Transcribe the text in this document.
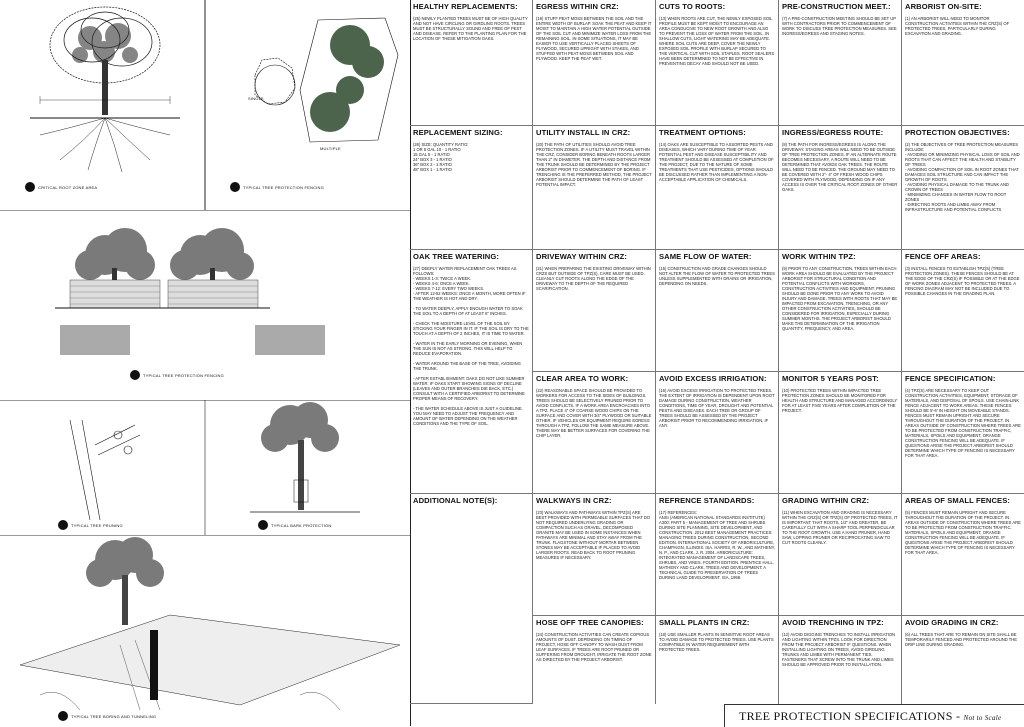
SINGLE
MULTIPLE
CRITICAL ROOT ZONE AREA	TYPICAL TREE PROTECTION FENCING
TYPICAL TREE PROTECTION FENCING
TYPICAL TREE PRUNING	TYPICAL BARK PROTECTION
TYPICAL TREE BORING AND TUNNELING
HEALTHY REPLACEMENTS:

(25) NEWLY PLANTED TREES MUST BE OF HIGH QUALITY AND NOT HAVE CIRCLING OR GIRDLING ROOTS. TREES MUST BE STRUCTURALLY SOUND AND FREE OF PEST AND DISEASE. REFER TO THE PLANTING PLAN FOR THE LOCATION OF THESE MITIGATION OAKS.

EGRESS WITHIN CRZ:

(19) STUFF PEAT MOSS BETWEEN THE SOIL AND THE ENTIRE WIDTH OF BURLAP. SOAK THE PEAT AND KEEP IT MOIST TO MAINTAIN A HIGH WATER POTENTIAL OUTSIDE OF THE SOIL CUT AND MINIMIZE WATER LOSS FROM THE REMAINING SOIL. IN SOME SITUATIONS, IT MAY BE EASIER TO USE VERTICALLY PLACED SHEETS OF PLYWOOD, SECURED UPRIGHT WITH STAKES, AND STUFFED WITH PEAT MOSS BETWEEN SOIL AND PLYWOOD. KEEP THE PEAT WET.

CUTS TO ROOTS:

(13) WHEN ROOTS ARE CUT, THE NEWLY EXPOSED SOIL PROFILE MUST BE KEPT MOIST TO ENCOURAGE AN AREA CONDUCIVE TO NEW ROOT GROWTH AND ALSO TO PREVENT THE LOSS OF WATER FROM THE SOIL. IN SHALLOW CUTS, LIGHT WATERING MAY BE ADEQUATE. WHERE SOIL CUTS ARE DEEP, COVER THE NEWLY EXPOSED SOIL PROFILE WITH BURLAP SECURED TO THE VERTICAL CUT WITH SOIL STAPLES. ROOT SEALERS HAVE BEEN DETERMINED TO NOT BE EFFECTIVE IN PREVENTING DECAY AND SHOULD NOT BE USED.

PRE-CONSTRUCTION MEET.:

(7) A PRE-CONSTRUCTION MEETING SHOULD BE SET UP WITH CONTRACTORS PRIOR TO COMMENCEMENT OF WORK TO DISCUSS TREE PROTECTION MEASURES. SEE INGRESS/EGRESS AND STAGING NOTES.

ARBORIST ON-SITE:

(1) AN ARBORIST WILL NEED TO MONITOR CONSTRUCTION ACTIVITIES WITHIN THE CRZ(S) OF PROTECTED TREES, PARTICULARLY DURING EXCAVATION AND GRADING.

REPLACEMENT SIZING:

(26) SIZE: QUANTITY RATIO:
1 OR 5 GAL 10 - 1 RATIO
15 GAL 5 - 1 RATIO
24" BOX 3 - 1 RATIO
36" BOX 2 - 1 RATIO
48" BOX 1 - 1 RATIO

UTILITY INSTALL IN CRZ:

(20) THE PATH OF UTILITIES SHOULD AVOID TREE PROTECTION ZONES. IF A UTILITY MUST TRAVEL WITHIN THE CRZ, CONSIDER BORING BENEATH ROOTS LARGER THAN 2" IN DIAMETER. THE DEPTH AND DISTANCE FROM THE TRUNK SHOULD BE DETERMINED BY THE PROJECT ARBORIST PRIOR TO COMMENCEMENT OF BORING. IF TRENCHING IS THE PREFERRED METHOD, THE PROJECT ARBORIST SHOULD DETERMINE THE PATH OF LEAST POTENTIAL IMPACT.

TREATMENT OPTIONS:

(14) OAKS ARE SUSCEPTIBLE TO ASSORTED PESTS AND DISEASES, WHICH VARY DURING TIME OF YEAR. POTENTIAL PEST AND DISEASE SUSCEPTIBILITY AND TREATMENT SHOULD BE ASSESSED AT COMPLETION OF THE PROJECT, DUE TO THE NATURE OF SOME TREATMENTS THAT USE PESTICIDES, OPTIONS SHOULD BE DISCUSSED RATHER THAN IMPLEMENTING A NON- ACCEPTABLE APPLICATION OF CHEMICALS.

INGRESS/EGRESS ROUTE:

(8) THE PATH FOR INGRESS/EGRESS IS ALONG THE DRIVEWAY. STAGING AREAS WILL NEED TO BE OUTSIDE OF TREE PROTECTION ZONES. IF AN ALTERNATE ROUTE BECOMES NECESSARY, A ROUTE WILL NEED TO BE DETERMINED THAT AVOIDS OAK TREES. THE ROUTE WILL NEED TO BE FENCED. THE GROUND MAY NEED TO BE COVERED WITH 2"- 4" OF FRESH WOOD CHIPS COVERED WITH PLYWOOD, DEPENDING ON IF ANY ACCESS IS OVER THE CRITICAL ROOT ZONES OF OTHER OAKS.

PROTECTION OBJECTIVES:

(2) THE OBJECTIVES OF TREE PROTECTION MEASURES INCLUDE:
- AVOIDING OR MINIMIZING PHYSICAL LOSS OF SOIL AND ROOTS THAT CAN AFFECT THE HEALTH AND STABILITY OF TREES
- AVOIDING COMPACTION OF SOIL IN ROOT ZONES THAT DAMAGES SOIL STRUCTURE AND CAN IMPACT THE GROWTH OF ROOTS
- AVOIDING PHYSICAL DAMAGE TO THE TRUNK AND CROWN OF TREES
- MINIMIZING CHANGES IN WATER FLOW TO ROOT ZONES
- DIRECTING ROOTS AND LIMBS AWAY FROM INFRASTRUCTURE AND POTENTIAL CONFLICTS

OAK TREE WATERING:

(27) DEEPLY WATER REPLACEMENT OAK TREES AS FOLLOWS:
- WEEKS 1-3: TWICE A WEEK.
- WEEKS 4-6: ONCE A WEEK.
- WEEKS 7-12: EVERY TWO WEEKS.
- AFTER 12-52 WEEKS: ONCE A MONTH, MORE OFTEN IF THE WEATHER IS HOT AND DRY.

- TO WATER DEEPLY, APPLY ENOUGH WATER TO SOAK THE SOIL TO A DEPTH OF AT LEAST 6" INCHES.

- CHECK THE MOISTURE LEVEL OF THE SOIL BY STICKING YOUR FINGER IN IT. IF THE SOIL IS DRY TO THE TOUCH AT A DEPTH OF 2 INCHES, IT IS TIME TO WATER.

- WATER IN THE EARLY MORNING OR EVENING, WHEN THE SUN IS NOT AS STRONG. THIS WILL HELP TO REDUCE EVAPORATION.

- WATER AROUND THE BASE OF THE TREE, AVOIDING THE TRUNK.

- AFTER ESTABLISHMENT: OAKS DO NOT LIKE SUMMER WATER. IF OAKS START SHOWING SIGNS OF DECLINE (LEAVES AND OUTER BRANCHES DIE BACK, ETC.) CONSULT WITH A CERTIFIED ARBORIST TO DETERMINE PROPER MEANS OF RECOVERY.

- THE WATER SCHEDULE ABOVE IS JUST A GUIDELINE. YOU MAY NEED TO ADJUST THE FREQUENCY AND AMOUNT OF WATER DEPENDING ON THE WEATHER CONDITIONS AND THE TYPE OF SOIL.

DRIVEWAY WITHIN CRZ:

(21) WHEN PREPARING THE EXISTING DRIVEWAY WITHIN CRZS BUT OUTSIDE OF TPZ(S), CARE MUST BE USED. CLEANLY CUT ROOTS ALONG THE EDGE OF THE DRIVEWAY TO THE DEPTH OF THE REQUIRED SCARIFICATION.

SAME FLOW OF WATER:

(15) CONSTRUCTION AND GRADE CHANGES SHOULD NOT ALTER THE FLOW OF WATER TO PROTECTED TREES UNLESS SUPPLEMENTED WITH DRAINS OR IRRIGATION, DEPENDING ON NEEDS.

WORK WITHIN TPZ:

(9) PRIOR TO ANY CONSTRUCTION, TREES WITHIN EACH WORK AREA SHOULD BE EVALUATED BY THE PROJECT ARBORIST FOR STRUCTURAL CONDITION AND POTENTIAL CONFLICTS WITH WORKERS, CONSTRUCTION ACTIVITIES AND EQUIPMENT. PRUNING SHOULD BE DONE PRIOR TO ANY WORK TO AVOID INJURY AND DAMAGE. TREES WITH ROOTS THAT MAY BE IMPACTED FROM EXCAVATION, TRENCHING, OR ANY OTHER CONSTRUCTION ACTIVITIES, SHOULD BE CONSIDERED FOR IRRIGATION, ESPECIALLY DURING SUMMER MONTHS. THE PROJECT ARBORIST SHOULD MAKE THE DETERMINATION OF THE IRRIGATION QUANTITY, FREQUENCY, AND AREA.

FENCE OFF AREAS:

(3) INSTALL FENCES TO ESTABLISH TPZ(S) (TREE PROTECTION ZONES). THESE FENCES SHOULD BE AT THE EDGE OF THE CRZ(S) IF POSSIBLE OR AT THE EDGE OF WORK ZONES ADJACENT TO PROTECTED TREES. A FENCING DIAGRAM MAY NOT BE INCLUDED DUE TO POSSIBLE CHANGES IN THE GRADING PLAN.

CLEAR AREA TO WORK:

(22) REASONABLE SPACE SHOULD BE PROVIDED TO WORKERS FOR ACCESS TO THE SIDES OF BUILDINGS. TREES SHOULD BE SELECTIVELY PRUNED PRIOR TO AVOID CONFLICTS. IF A WORK AREA ENCROACHES INTO A TPZ, PLACE 4" OF COARSE WOOD CHIPS ON THE SURFACE AND COVER WITH 3/4" PLYWOOD OR SUITABLE OTHER. IF VEHICLES OR EQUIPMENT REQUIRE EGRESS THROUGH A TPZ, FOLLOW THE SAME MEASURE ABOVE. THERE MAY BE BETTER SURFACES FOR COVERING THE CHIP LAYER.

AVOID EXCESS IRRIGATION:

(16) AVOID EXCESS IRRIGATION TO PROTECTED TREES. THE EXTENT OF IRRIGATION IS DEPENDENT UPON ROOT DAMAGE DURING CONSTRUCTION, WEATHER CONDITIONS, TIME OF YEAR, DROUGHT AND POTENTIAL PESTS AND DISEASES. EACH TREE OR GROUP OF TREES SHOULD BE ASSESSED BY THE PROJECT ARBORIST PRIOR TO RECOMMENDING IRRIGATION, IF ANY.

MONITOR 5 YEARS POST:

(10) PROTECTED TREES WITHIN IMPACTED TREE PROTECTION ZONES SHOULD BE MONITORED FOR HEALTH AND STRUCTURE AND MANAGED ACCORDINGLY FOR AT LEAST FIVE YEARS AFTER COMPLETION OF THE PROJECT.

FENCE SPECIFICATION:

(4) TPZ(S) ARE NECESSARY TO KEEP OUT CONSTRUCTION ACTIVITIES, EQUIPMENT, STORAGE OF MATERIALS, AND DISPOSAL OF SPOILS. USE CHAIN-LINK FENCE ADJACENT TO WORK AREAS. THESE FENCES SHOULD BE 5'-6' IN HEIGHT ON MOVEABLE STANDS. FENCES MUST REMAIN UPRIGHT AND SECURE THROUGHOUT THE DURATION OF THE PROJECT. IN AREAS OUTSIDE OF CONSTRUCTION WHERE TREES ARE TO BE PROTECTED FROM CONSTRUCTION TRAFFIC, MATERIALS, SPOILS AND EQUIPMENT, ORANGE CONSTRUCTION FENCING WILL BE ADEQUATE. IF QUESTIONS ARISE THE PROJECT ARBORIST SHOULD DETERMINE WHICH TYPE OF FENCING IS NECESSARY FOR THAT AREA.

ADDITIONAL NOTE(S):	WALKWAYS IN CRZ:

(23) WALKWAYS AND PATHWAYS WITHIN TPZ(S) ARE BEST PROVIDED WITH PERMEABLE SURFACES THAT DO NOT REQUIRED UNDERLYING GRADING OR COMPACTION SUCH AS GRAVEL. DECOMPOSED GRANITE MAY BE USED IN SOME INSTANCES WHEN PATHWAYS ARE MINIMAL AND STAY AWAY FROM THE TRUNK. FLAGSTONE WITHOUT MORTAR BETWEEN STONES MAY BE ACCEPTABLE IF PLACED TO AVOID LARGER ROOTS. READ BACK TO ROOT PRUNING MEASURES IF NECESSARY.

REFRENCE STANDARDS:

(17) REFERENCES:
ANSI (AMERICAN NATIONAL STANDARDS INSTITUTE) A300: PART 5 - MANAGEMENT OF TREE AND SHRUBS DURING SITE PLANNING, SITE DEVELOPMENT, AND CONSTRUCTION. 2012 BEST MANAGEMENT PRACTICES: MANAGING TREES DURING CONSTRUCTION, SECOND EDITION. INTERNATIONAL SOCIETY OF ARBORICULTURE, CHAMPAIGN, ILLINOIS. ISA. HARRIS, R. W., AND MATHENY, N. P., AND CLARK, J. R. 2004. ARBORICULTURE: INTEGRATED MANAGEMENT OF LANDSCAPE TREES, SHRUBS, AND VINES. FOURTH EDITION. PRENTICE HALL. MATHENY AND CLARK, TREES AND DEVELOPMENT: A TECHNICAL GUIDE TO PRESERVATION OF TREES DURING LAND DEVELOPMENT. ISA, 1998.

GRADING WITHIN CRZ:

(11) WHEN EXCAVATION AND GRADING IS NECESSARY WITHIN THE CRZ(S) OR TPZ(S) OF PROTECTED TREES, IT IS IMPORTANT THAT ROOTS, 1/2" AND GREATER, BE CAREFULLY CUT WITH A SHARP TOOL PERPENDICULAR TO THE ROOT GROWTH. USE A HAND PRUNER, HAND SAW, LOPPING PRUNER OR RECIPROCATING SAW TO CUT ROOTS CLEANLY.

AREAS OF SMALL FENCES:

(5) FENCES MUST REMAIN UPRIGHT AND SECURE THROUGHOUT THE DURATION OF THE PROJECT. IN AREAS OUTSIDE OF CONSTRUCTION WHERE TREES ARE TO BE PROTECTED FROM CONSTRUCTION TRAFFIC, MATERIALS, SPOILS AND EQUIPMENT, ORANGE CONSTRUCTION FENCING WILL BE ADEQUATE. IF QUESTIONS ARISE THE PROJECT ARBORIST SHOULD DETERMINE WHICH TYPE OF FENCING IS NECESSARY FOR THAT AREA.

HOSE OFF TREE CANOPIES:

(24) CONSTRUCTION ACTIVITIES CAN CREATE COPIOUS AMOUNTS OF DUST. DEPENDING ON TIMING OF PROJECT, HOSE OFF CANOPY TO WASH DUST FROM LEAF SURFACES. IF TREES ARE ROOT PRUNED OR SUFFERING FROM DROUGHT, IRRIGATE THE ROOT ZONE AS DIRECTED BY THE PROJECT ARBORIST.

SMALL PLANTS IN CRZ:

(18) USE SMALLER PLANTS IN SENSITIVE ROOT AREAS TO AVOID DAMAGE TO PROTECTED TREES. USE PLANTS COMPATIBLE IN WATER REQUIREMENT WITH PROTECTED TREES.

AVOID TRENCHING IN TPZ:

(12) AVOID DIGGING TRENCHES TO INSTALL IRRIGATION AND LIGHTING WITHIN TPZS. LOOK FOR DIRECTION FROM THE PROJECT ARBORIST IF QUESTIONS. WHEN INSTALLING LIGHTING ON TREES, AVOID GIRDLING TRUNKS AND LIMBS WITH PERMANENT TIES. FASTENERS THAT SCREW INTO THE TRUNK AND LIMBS SHOULD BE APPROVED PRIOR TO INSTALLATION.

AVOID GRADING IN CRZ:

(6) ALL TREES THAT ARE TO REMAIN ON SITE SHALL BE TEMPORARILY FENCED AND PROTECTED AROUND THE DRIP LINE DURING GRADING.

TREE PROTECTION SPECIFICATIONS - Not to Scale
